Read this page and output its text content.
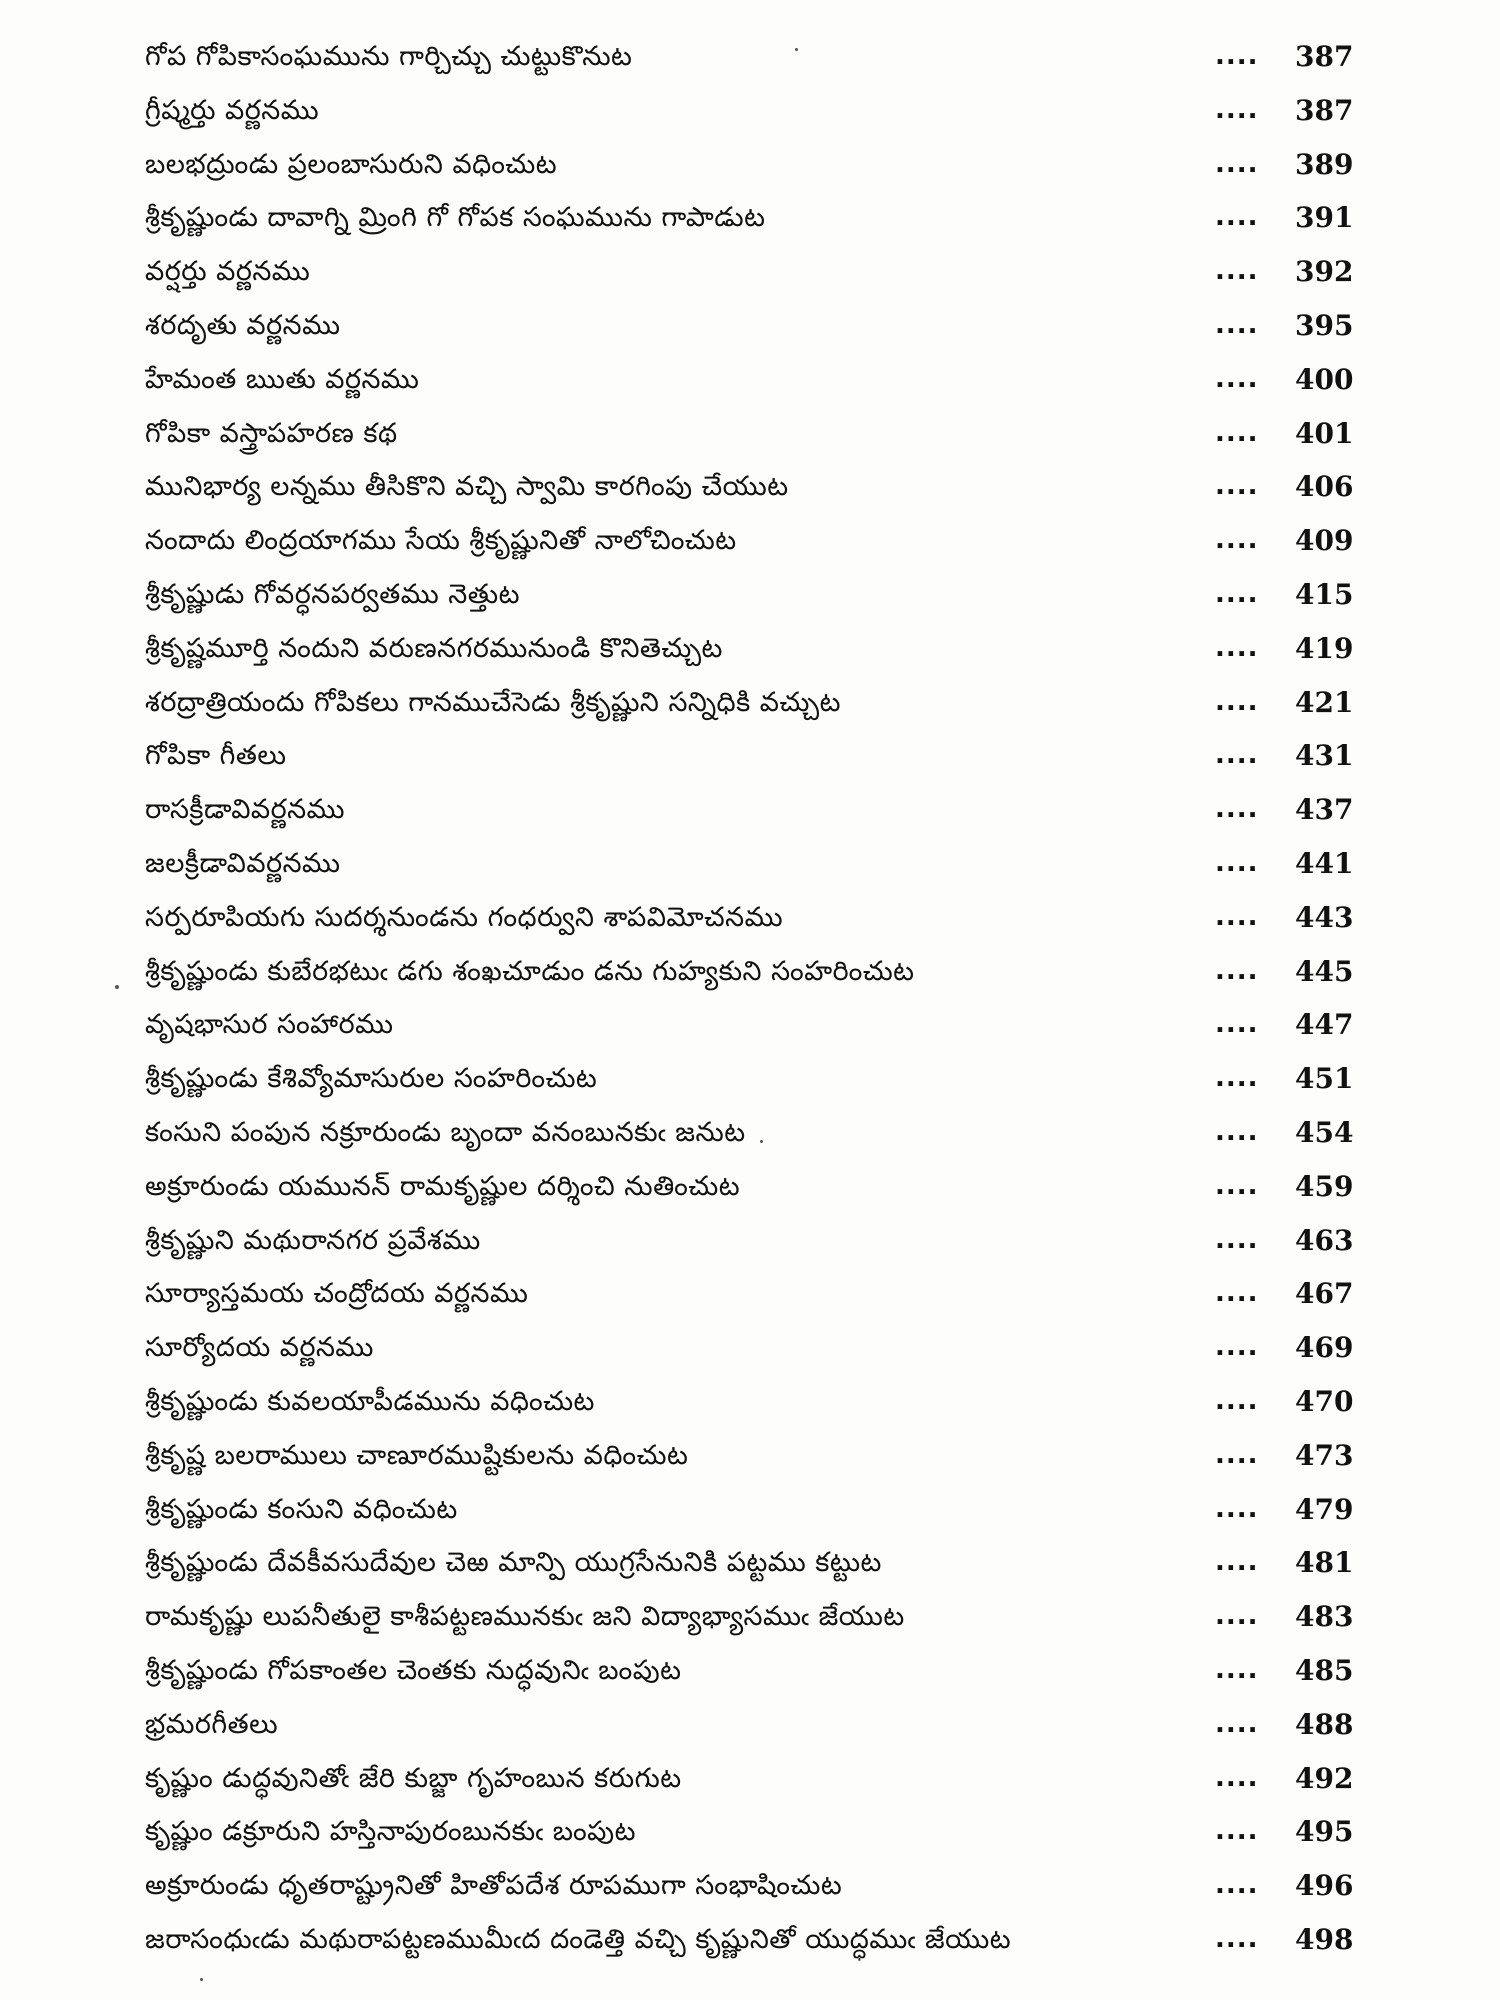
గోప గోపికాసంఘమును గార్చిచ్చు చుట్టుకొనుట	.... 387
గ్రీష్మర్తు వర్ణనము	.... 387
బలభద్రుండు ప్రలంబాసురుని వధించుట	.... 389
శ్రీకృష్ణుండు దావాగ్ని మ్రింగి గో గోపక సంఘమును గాపాడుట	.... 391
వర్షర్తు వర్ణనము	.... 392
శరదృతు వర్ణనము	.... 395
హేమంత ఋతు వర్ణనము	.... 400
గోపికా వస్త్రాపహరణ కథ	.... 401
మునిభార్య లన్నము తీసికొని వచ్చి స్వామి కారగింపు చేయుట	.... 406
నందాదు లింద్రయాగము సేయ శ్రీకృష్ణునితో నాలోచించుట	.... 409
శ్రీకృష్ణుడు గోవర్ధనపర్వతము నెత్తుట	.... 415
శ్రీకృష్ణమూర్తి నందుని వరుణనగరమునుండి కొనితెచ్చుట	.... 419
శరద్రాత్రియందు గోపికలు గానముచేసెడు శ్రీకృష్ణుని సన్నిధికి వచ్చుట	.... 421
గోపికా గీతలు	.... 431
రాసక్రీడావివర్ణనము	.... 437
జలక్రీడావివర్ణనము	.... 441
సర్పరూపియగు సుదర్శనుండను గంధర్వుని శాపవిమోచనము	.... 443
శ్రీకృష్ణుండు కుబేరభటుఁ డగు శంఖచూడుం డను గుహ్యకుని సంహరించుట	.... 445
వృషభాసుర సంహారము	.... 447
శ్రీకృష్ణుండు కేశివ్యోమాసురుల సంహరించుట	.... 451
కంసుని పంపున నక్రూరుండు బృందా వనంబునకుఁ జనుట	.... 454
అక్రూరుండు యమునన్ రామకృష్ణుల దర్శించి నుతించుట	.... 459
శ్రీకృష్ణుని మథురానగర ప్రవేశము	.... 463
సూర్యాస్తమయ చంద్రోదయ వర్ణనము	.... 467
సూర్యోదయ వర్ణనము	.... 469
శ్రీకృష్ణుండు కువలయాపీడమును వధించుట	.... 470
శ్రీకృష్ణ బలరాములు చాణూరముష్టికులను వధించుట	.... 473
శ్రీకృష్ణుండు కంసుని వధించుట	.... 479
శ్రీకృష్ణుండు దేవకీవసుదేవుల చెఱ మాన్పి యుగ్రసేనునికి పట్టము కట్టుట	.... 481
రామకృష్ణు లుపనీతులై కాశీపట్టణమునకుఁ జని విద్యాభ్యాసముఁ జేయుట	.... 483
శ్రీకృష్ణుండు గోపకాంతల చెంతకు నుద్ధవునిఁ బంపుట	.... 485
భ్రమరగీతలు	.... 488
కృష్ణుం డుద్ధవునితోఁ జేరి కుబ్జా గృహంబున కరుగుట	.... 492
కృష్ణుం డక్రూరుని హస్తినాపురంబునకుఁ బంపుట	.... 495
అక్రూరుండు ధృతరాష్ట్రునితో హితోపదేశ రూపముగా సంభాషించుట	.... 496
జరాసంధుఁడు మథురాపట్టణముమీఁద దండెత్తి వచ్చి కృష్ణునితో యుద్ధముఁ జేయుట	.... 498
